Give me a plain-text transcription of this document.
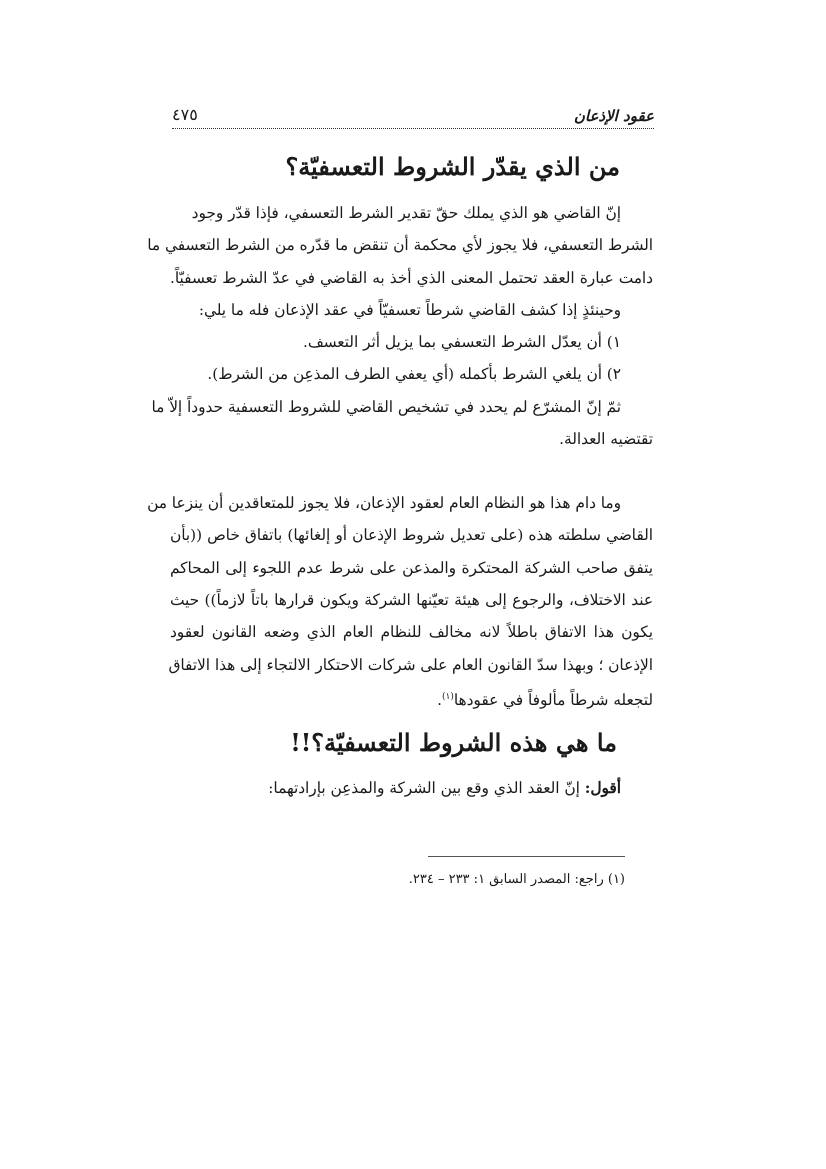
عقود الإذعان
٤٧٥
من الذي يقدّر الشروط التعسفيّة؟

إنّ القاضي هو الذي يملك حقّ تقدير الشرط التعسفي، فإذا قدّر وجود

الشرط التعسفي، فلا يجوز لأي محكمة أن تنقض ما قدّره من الشرط التعسفي ما

دامت عبارة العقد تحتمل المعنى الذي أخذ به القاضي في عدّ الشرط تعسفيّاً.

وحينئذٍ إذا كشف القاضي شرطاً تعسفيّاً في عقد الإذعان فله ما يلي:

١) أن يعدّل الشرط التعسفي بما يزيل أثر التعسف.

٢) أن يلغي الشرط بأكمله (أي يعفي الطرف المذعِن من الشرط).

ثمّ إنّ المشرّع لم يحدد في تشخيص القاضي للشروط التعسفية حدوداً إلاّ ما

تقتضيه العدالة.

وما دام هذا هو النظام العام لعقود الإذعان، فلا يجوز للمتعاقدين أن ينزعا من

القاضي سلطته هذه (على تعديل شروط الإذعان أو إلغائها) باتفاق خاص ((بأن

يتفق صاحب الشركة المحتكرة والمذعن على شرط عدم اللجوء إلى المحاكم

عند الاختلاف، والرجوع إلى هيئة تعيّنها الشركة ويكون قرارها باتاً لازماً)) حيث

يكون هذا الاتفاق باطلاً لانه مخالف للنظام العام الذي وضعه القانون لعقود

الإذعان ؛ وبهذا سدّ القانون العام على شركات الاحتكار الالتجاء إلى هذا الاتفاق

لتجعله شرطاً مألوفاً في عقودها$^{(١)}$.

ما هي هذه الشروط التعسفيّة؟!!

أقول: إنّ العقد الذي وقع بين الشركة والمذعِن بإرادتهما:

(١) راجع: المصدر السابق ١: ٢٣٣ – ٢٣٤.
